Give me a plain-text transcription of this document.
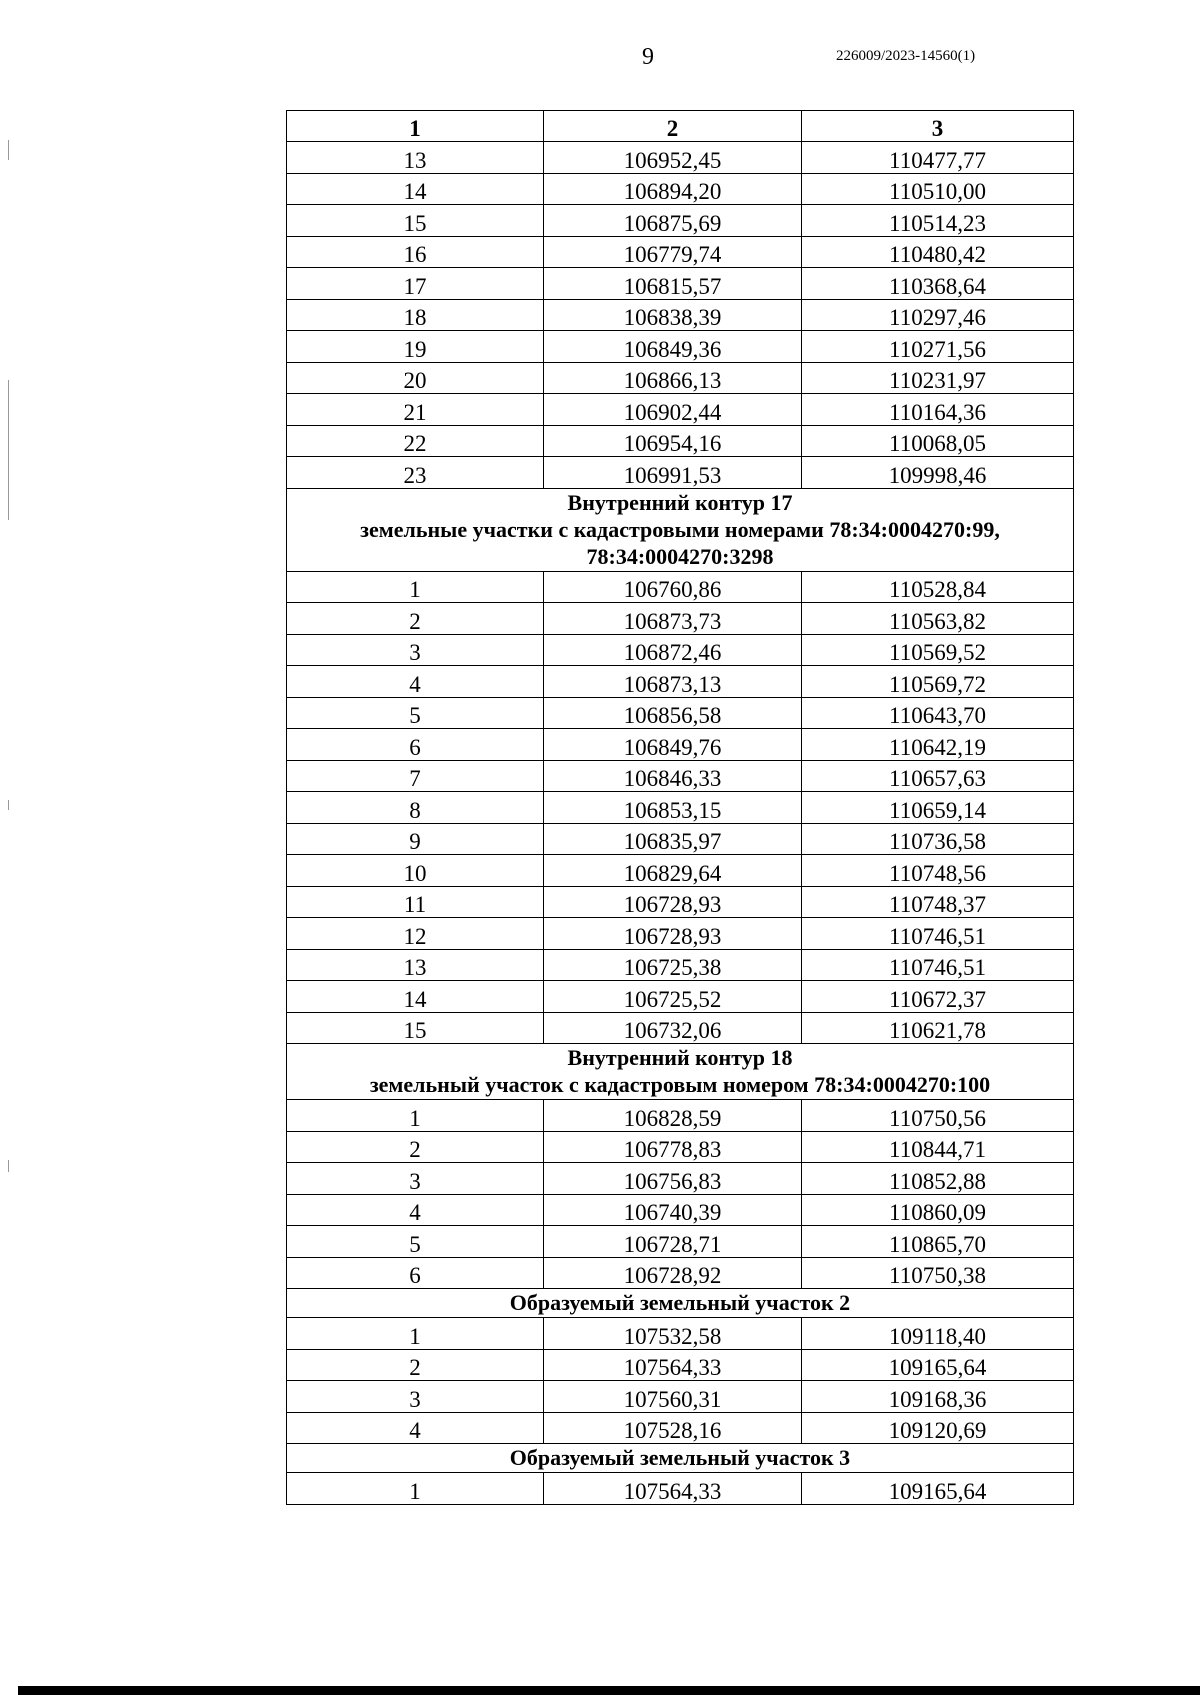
9	226009/2023-14560(1)
1	2	3
13	106952,45	110477,77
14	106894,20	110510,00
15	106875,69	110514,23
16	106779,74	110480,42
17	106815,57	110368,64
18	106838,39	110297,46
19	106849,36	110271,56
20	106866,13	110231,97
21	106902,44	110164,36
22	106954,16	110068,05
23	106991,53	109998,46

Внутренний контур 17
земельные участки с кадастровыми номерами 78:34:0004270:99,
78:34:0004270:3298		

1	106760,86	110528,84
2	106873,73	110563,82
3	106872,46	110569,52
4	106873,13	110569,72
5	106856,58	110643,70
6	106849,76	110642,19
7	106846,33	110657,63
8	106853,15	110659,14
9	106835,97	110736,58
10	106829,64	110748,56
11	106728,93	110748,37
12	106728,93	110746,51
13	106725,38	110746,51
14	106725,52	110672,37
15	106732,06	110621,78

Внутренний контур 18
земельный участок с кадастровым номером 78:34:0004270:100		

1	106828,59	110750,56
2	106778,83	110844,71
3	106756,83	110852,88
4	106740,39	110860,09
5	106728,71	110865,70
6	106728,92	110750,38

Образуемый земельный участок 2		

1	107532,58	109118,40
2	107564,33	109165,64
3	107560,31	109168,36
4	107528,16	109120,69

Образуемый земельный участок 3		

1	107564,33	109165,64
